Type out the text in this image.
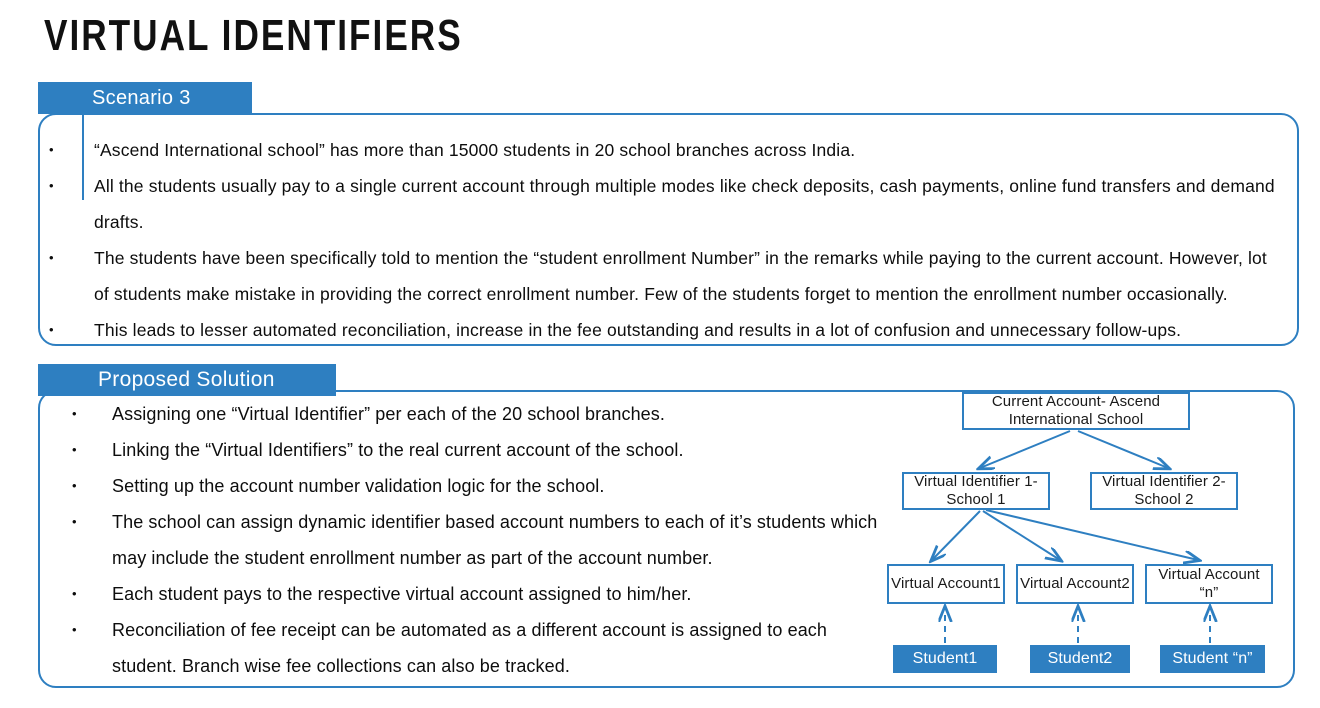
VIRTUAL IDENTIFIERS
Scenario 3
•	“Ascend International school” has more than 15000 students in 20 school branches across India.
•	All the students usually pay to a single current account through multiple modes like check deposits, cash payments, online fund transfers and demand drafts.
•	The students have been specifically told to mention the “student enrollment Number” in the remarks while paying to the current account. However, lot of students make mistake in providing the correct enrollment number. Few of the students forget to mention the enrollment number occasionally.
•	This leads to lesser automated reconciliation, increase in the fee outstanding and results in a lot of confusion and unnecessary follow-ups.
Proposed Solution
•	Assigning one “Virtual Identifier” per each of the 20 school branches.
•	Linking the “Virtual Identifiers” to the real current account of the school.
•	Setting up the account number validation logic for the school.
•	The school can assign dynamic identifier based account numbers to each of it’s students which may include the student enrollment number as part of the account number.
•	Each student pays to the respective virtual account assigned to him/her.
•	Reconciliation of fee receipt can be automated as a different account is assigned to each student. Branch wise fee collections can also be tracked.
Current Account- Ascend International School
Virtual Identifier 1- School 1
Virtual Identifier 2- School 2
Virtual Account1 Virtual Account2
Virtual Account “n”
Student1	Student2	Student “n”
